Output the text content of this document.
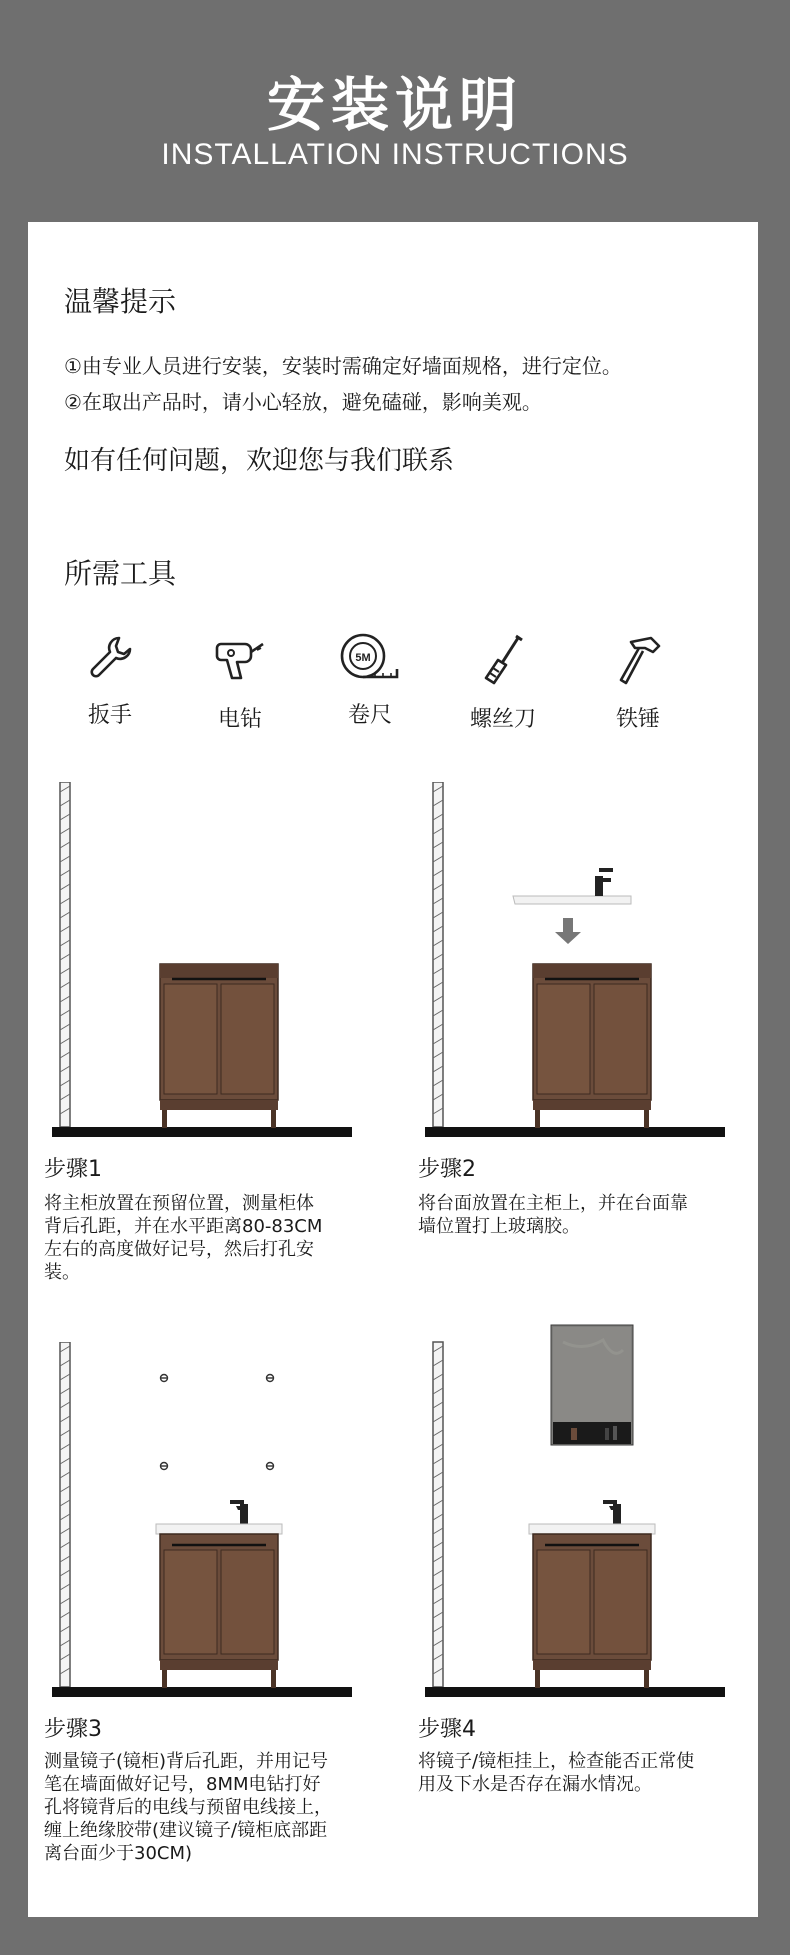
安装说明
INSTALLATION INSTRUCTIONS
温馨提示
①由专业人员进行安装，安装时需确定好墙面规格，进行定位。
②在取出产品时，请小心轻放，避免磕碰，影响美观。
如有任何问题，欢迎您与我们联系
所需工具
扳手	电钻
5M
卷尺	螺丝刀	铁锤
步骤1
将主柜放置在预留位置，测量柜体
背后孔距，并在水平距离80-83CM
左右的高度做好记号，然后打孔安
装。
步骤2
将台面放置在主柜上，并在台面靠
墙位置打上玻璃胶。
步骤3
测量镜子(镜柜)背后孔距，并用记号
笔在墙面做好记号，8MM电钻打好
孔将镜背后的电线与预留电线接上，
缠上绝缘胶带(建议镜子/镜柜底部距
离台面少于30CM)
步骤4
将镜子/镜柜挂上，检查能否正常使
用及下水是否存在漏水情况。
